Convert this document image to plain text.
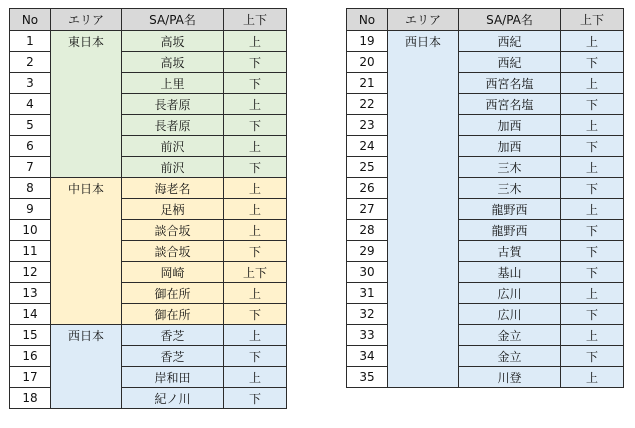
No	エリア	SA/PA名	上下
1	東日本	高坂	上
2		高坂	下
3		上里	下
4		長者原	上
5		長者原	下
6		前沢	上
7		前沢	下
8	中日本	海老名	上
9		足柄	上
10		談合坂	上
11		談合坂	下
12		岡崎	上下
13		御在所	上
14		御在所	下
15	西日本	香芝	上
16		香芝	下
17		岸和田	上
18		紀ノ川	下
No	エリア	SA/PA名	上下
19	西日本	西紀	上
20		西紀	下
21		西宮名塩	上
22		西宮名塩	下
23		加西	上
24		加西	下
25		三木	上
26		三木	下
27		龍野西	上
28		龍野西	下
29		古賀	下
30		基山	下
31		広川	上
32		広川	下
33		金立	上
34		金立	下
35		川登	上
